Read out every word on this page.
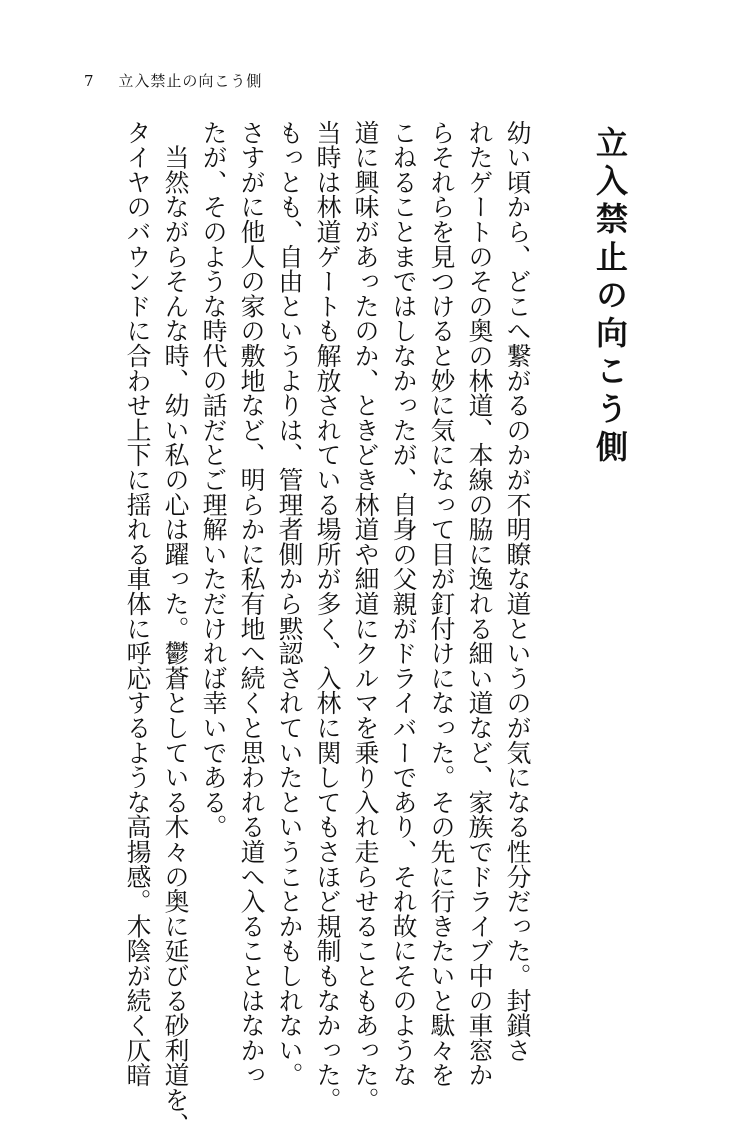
7 立入禁止の向こう側
立入禁止の向こう側
幼い頃から、どこへ繋がるのかが不明瞭な道というのが気になる性分だった。封鎖さ
れたゲートのその奥の林道、本線の脇に逸れる細い道など、家族でドライブ中の車窓か
らそれらを見つけると妙に気になって目が釘付けになった。その先に行きたいと駄々を
こねることまではしなかったが、自身の父親がドライバーであり、それ故にそのような
道に興味があったのか、ときどき林道や細道にクルマを乗り入れ走らせることもあった。
当時は林道ゲートも解放されている場所が多く、入林に関してもさほど規制もなかった。
もっとも、自由というよりは、管理者側から黙認されていたということかもしれない。
さすがに他人の家の敷地など、明らかに私有地へ続くと思われる道へ入ることはなかっ
たが、そのような時代の話だとご理解いただければ幸いである。
　当然ながらそんな時、幼い私の心は躍った。鬱蒼としている木々の奥に延びる砂利道を、
タイヤのバウンドに合わせ上下に揺れる車体に呼応するような高揚感。木陰が続く仄暗
